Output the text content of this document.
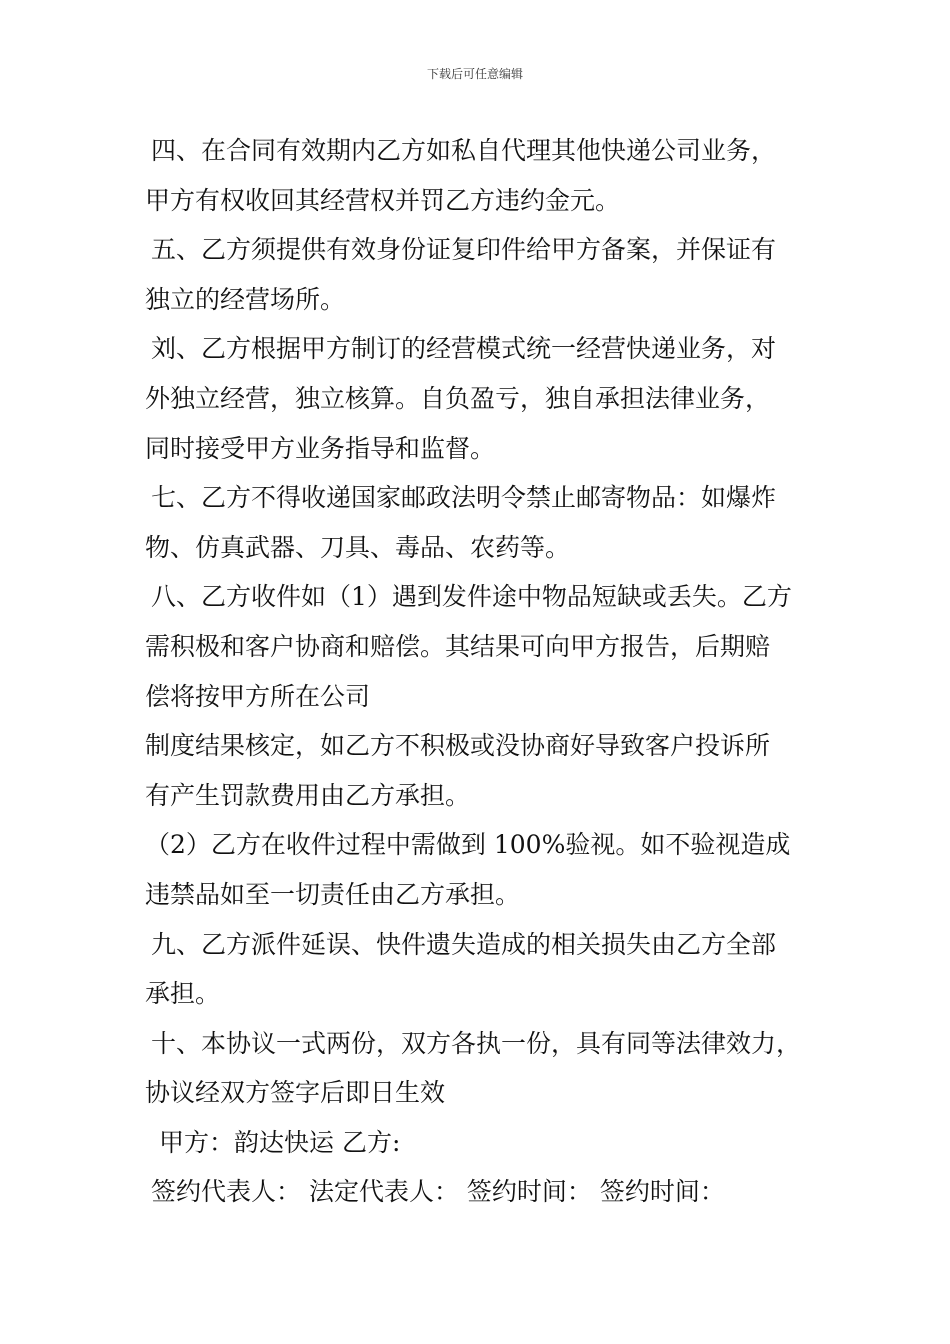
下载后可任意编辑
四、在合同有效期内乙方如私自代理其他快递公司业务，
甲方有权收回其经营权并罚乙方违约金元。
五、乙方须提供有效身份证复印件给甲方备案，并保证有
独立的经营场所。
刘、乙方根据甲方制订的经营模式统一经营快递业务，对
外独立经营，独立核算。自负盈亏，独自承担法律业务，
同时接受甲方业务指导和监督。
七、乙方不得收递国家邮政法明令禁止邮寄物品：如爆炸
物、仿真武器、刀具、毒品、农药等。
八、乙方收件如（1）遇到发件途中物品短缺或丢失。乙方
需积极和客户协商和赔偿。其结果可向甲方报告，后期赔
偿将按甲方所在公司
制度结果核定，如乙方不积极或没协商好导致客户投诉所
有产生罚款费用由乙方承担。
（2）乙方在收件过程中需做到 100%验视。如不验视造成
违禁品如至一切责任由乙方承担。
九、乙方派件延误、快件遗失造成的相关损失由乙方全部
承担。
十、本协议一式两份，双方各执一份，具有同等法律效力，
协议经双方签字后即日生效
甲方：韵达快运 乙方:
签约代表人： 法定代表人： 签约时间： 签约时间：
